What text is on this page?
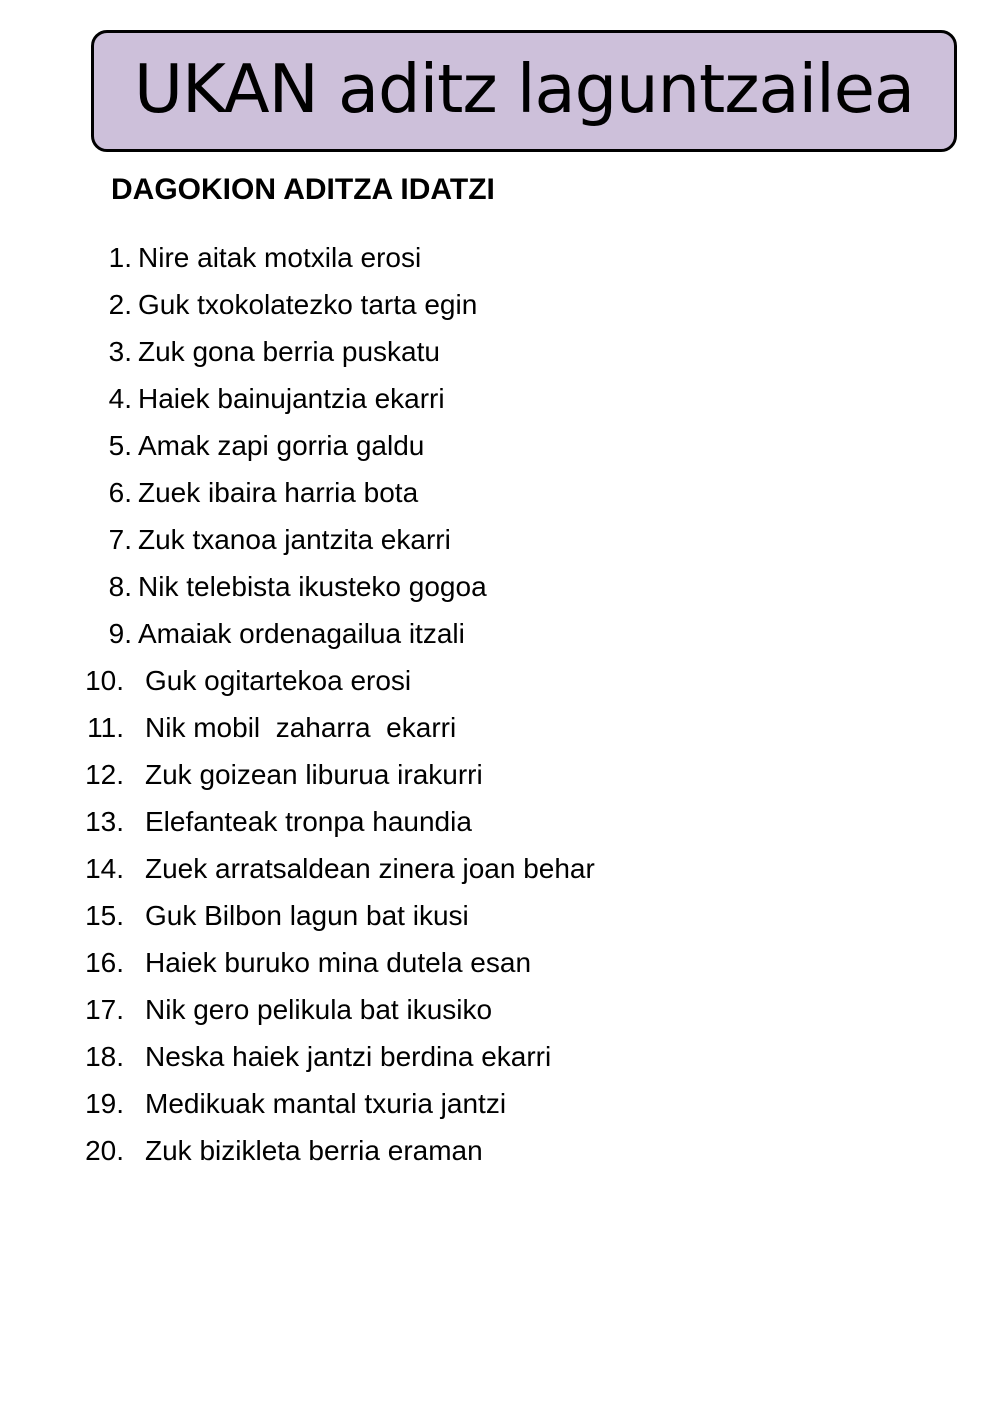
UKAN aditz laguntzailea
DAGOKION ADITZA IDATZI
1. Nire aitak motxila erosi
2. Guk txokolatezko tarta egin
3. Zuk gona berria puskatu
4. Haiek bainujantzia ekarri
5. Amak zapi gorria galdu
6. Zuek ibaira harria bota
7. Zuk txanoa jantzita ekarri
8. Nik telebista ikusteko gogoa
9. Amaiak ordenagailua itzali
10. Guk ogitartekoa erosi
11. Nik mobil  zaharra  ekarri
12. Zuk goizean liburua irakurri
13. Elefanteak tronpa haundia
14. Zuek arratsaldean zinera joan behar
15. Guk Bilbon lagun bat ikusi
16. Haiek buruko mina dutela esan
17. Nik gero pelikula bat ikusiko
18. Neska haiek jantzi berdina ekarri
19. Medikuak mantal txuria jantzi
20. Zuk bizikleta berria eraman
